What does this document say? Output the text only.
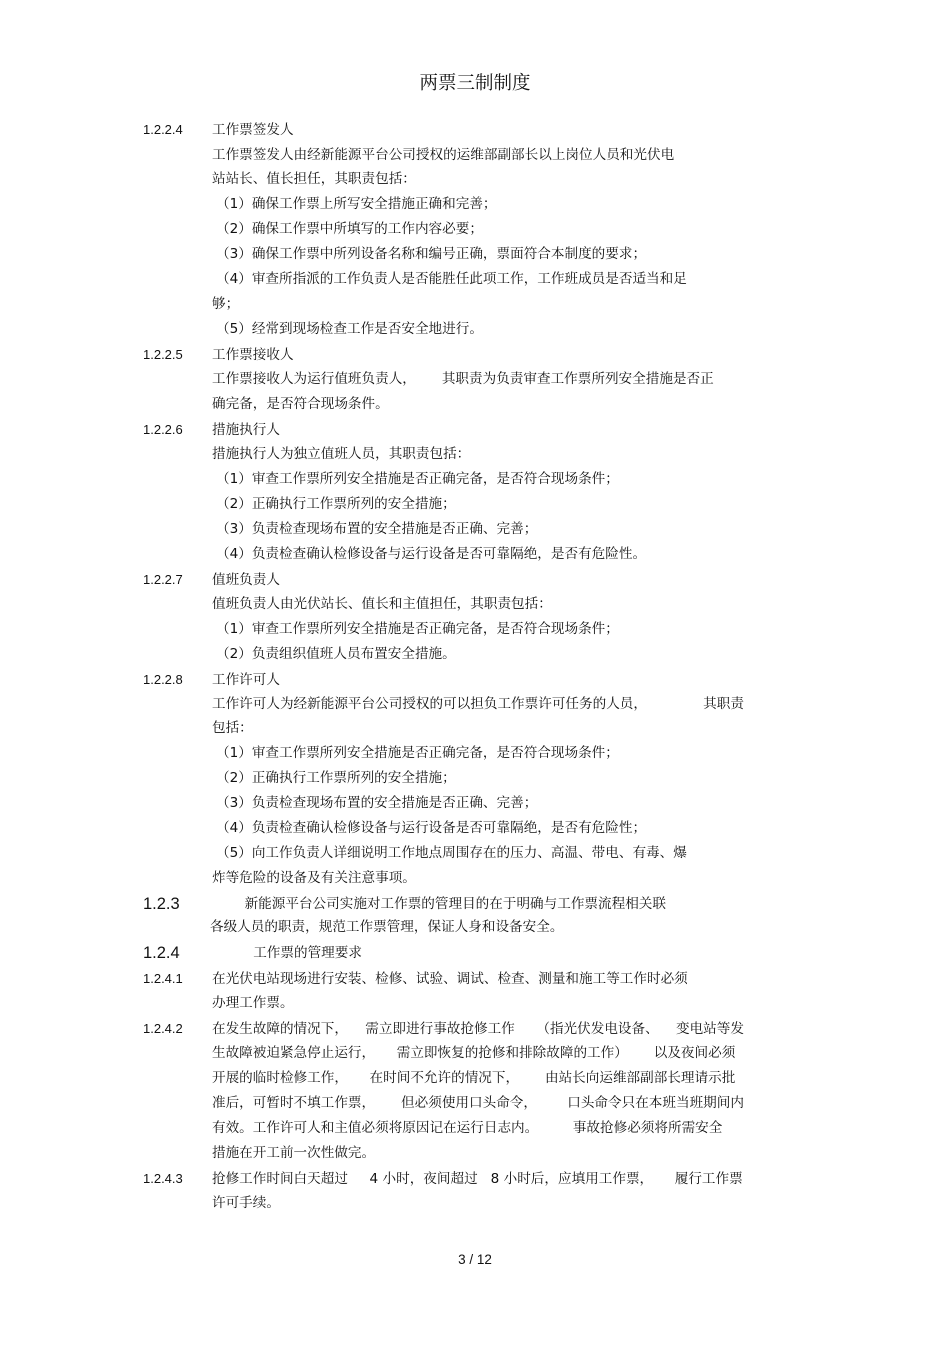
两票三制制度
1.2.2.4 工作票签发人
工作票签发人由经新能源平台公司授权的运维部副部长以上岗位人员和光伏电
站站长、值长担任，其职责包括：
（1）确保工作票上所写安全措施正确和完善；
（2）确保工作票中所填写的工作内容必要；
（3）确保工作票中所列设备名称和编号正确，票面符合本制度的要求；
（4）审查所指派的工作负责人是否能胜任此项工作，工作班成员是否适当和足
够；
（5）经常到现场检查工作是否安全地进行。
1.2.2.5 工作票接收人
工作票接收人为运行值班负责人，      其职责为负责审查工作票所列安全措施是否正
确完备，是否符合现场条件。
1.2.2.6 措施执行人
措施执行人为独立值班人员，其职责包括：
（1）审查工作票所列安全措施是否正确完备，是否符合现场条件；
（2）正确执行工作票所列的安全措施；
（3）负责检查现场布置的安全措施是否正确、完善；
（4）负责检查确认检修设备与运行设备是否可靠隔绝，是否有危险性。
1.2.2.7 值班负责人
值班负责人由光伏站长、值长和主值担任，其职责包括：
（1）审查工作票所列安全措施是否正确完备，是否符合现场条件；
（2）负责组织值班人员布置安全措施。
1.2.2.8 工作许可人
工作许可人为经新能源平台公司授权的可以担负工作票许可任务的人员，             其职责
包括：
（1）审查工作票所列安全措施是否正确完备，是否符合现场条件；
（2）正确执行工作票所列的安全措施；
（3）负责检查现场布置的安全措施是否正确、完善；
（4）负责检查确认检修设备与运行设备是否可靠隔绝，是否有危险性；
（5）向工作负责人详细说明工作地点周围存在的压力、高温、带电、有毒、爆
炸等危险的设备及有关注意事项。
1.2.3 新能源平台公司实施对工作票的管理目的在于明确与工作票流程相关联
各级人员的职责，规范工作票管理，保证人身和设备安全。
1.2.4 工作票的管理要求
1.2.4.1 在光伏电站现场进行安装、检修、试验、调试、检查、测量和施工等工作时必须
办理工作票。
1.2.4.2 在发生故障的情况下，    需立即进行事故抢修工作     （指光伏发电设备、    变电站等发
生故障被迫紧急停止运行，     需立即恢复的抢修和排除故障的工作）      以及夜间必须
开展的临时检修工作，     在时间不允许的情况下，      由站长向运维部副部长理请示批
准后，可暂时不填工作票，      但必须使用口头命令，       口头命令只在本班当班期间内
有效。工作许可人和主值必须将原因记在运行日志内。        事故抢修必须将所需安全
措施在开工前一次性做完。
1.2.4.3 抢修工作时间白天超过     4 小时，夜间超过   8 小时后，应填用工作票，     履行工作票
许可手续。
3 / 12
